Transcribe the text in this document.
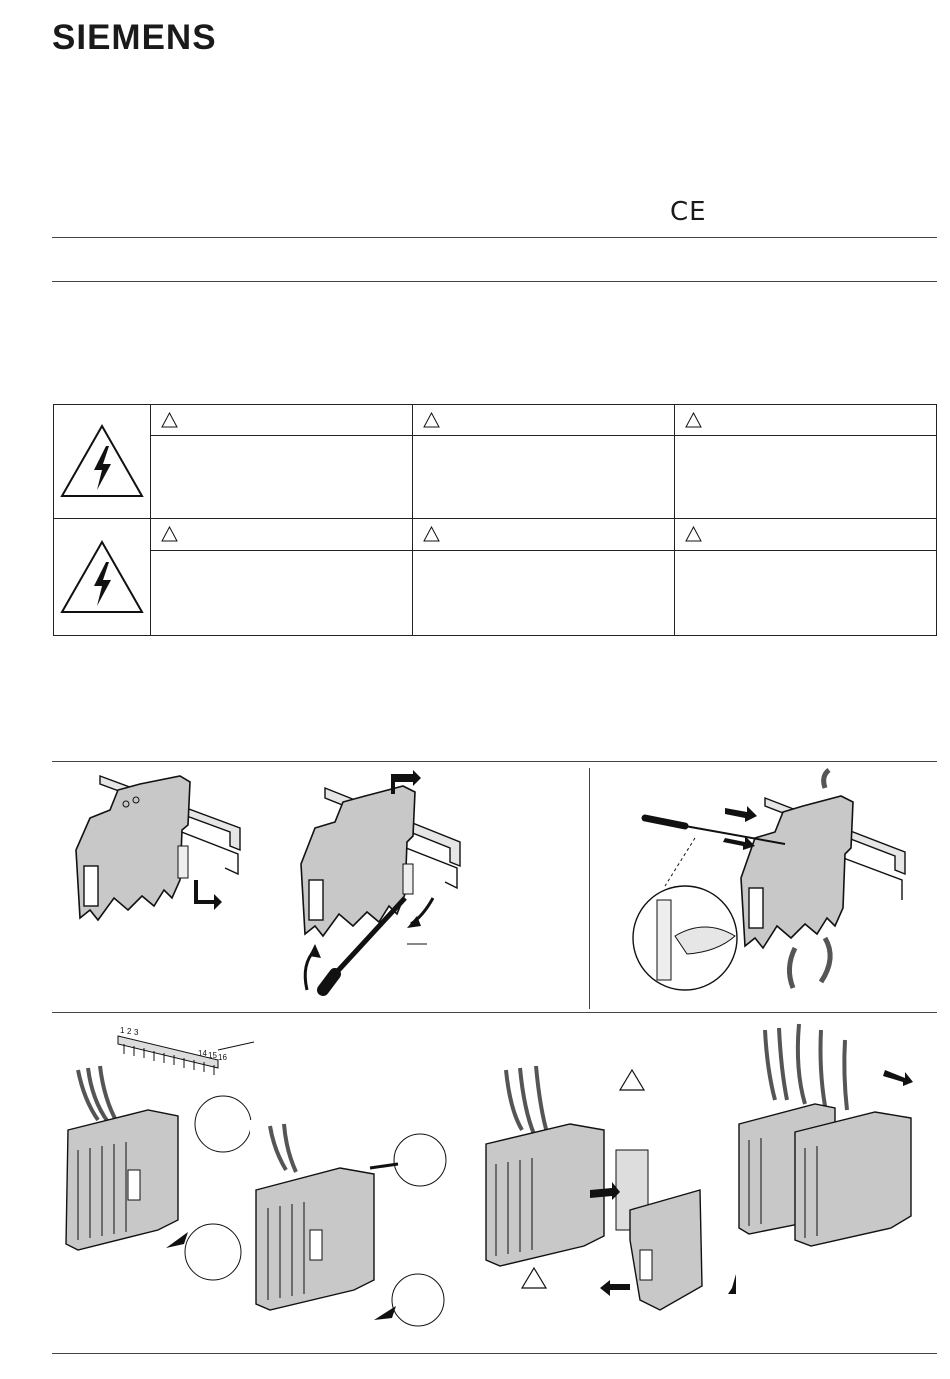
SIEMENS
CE

1 2 3
14 15 16
